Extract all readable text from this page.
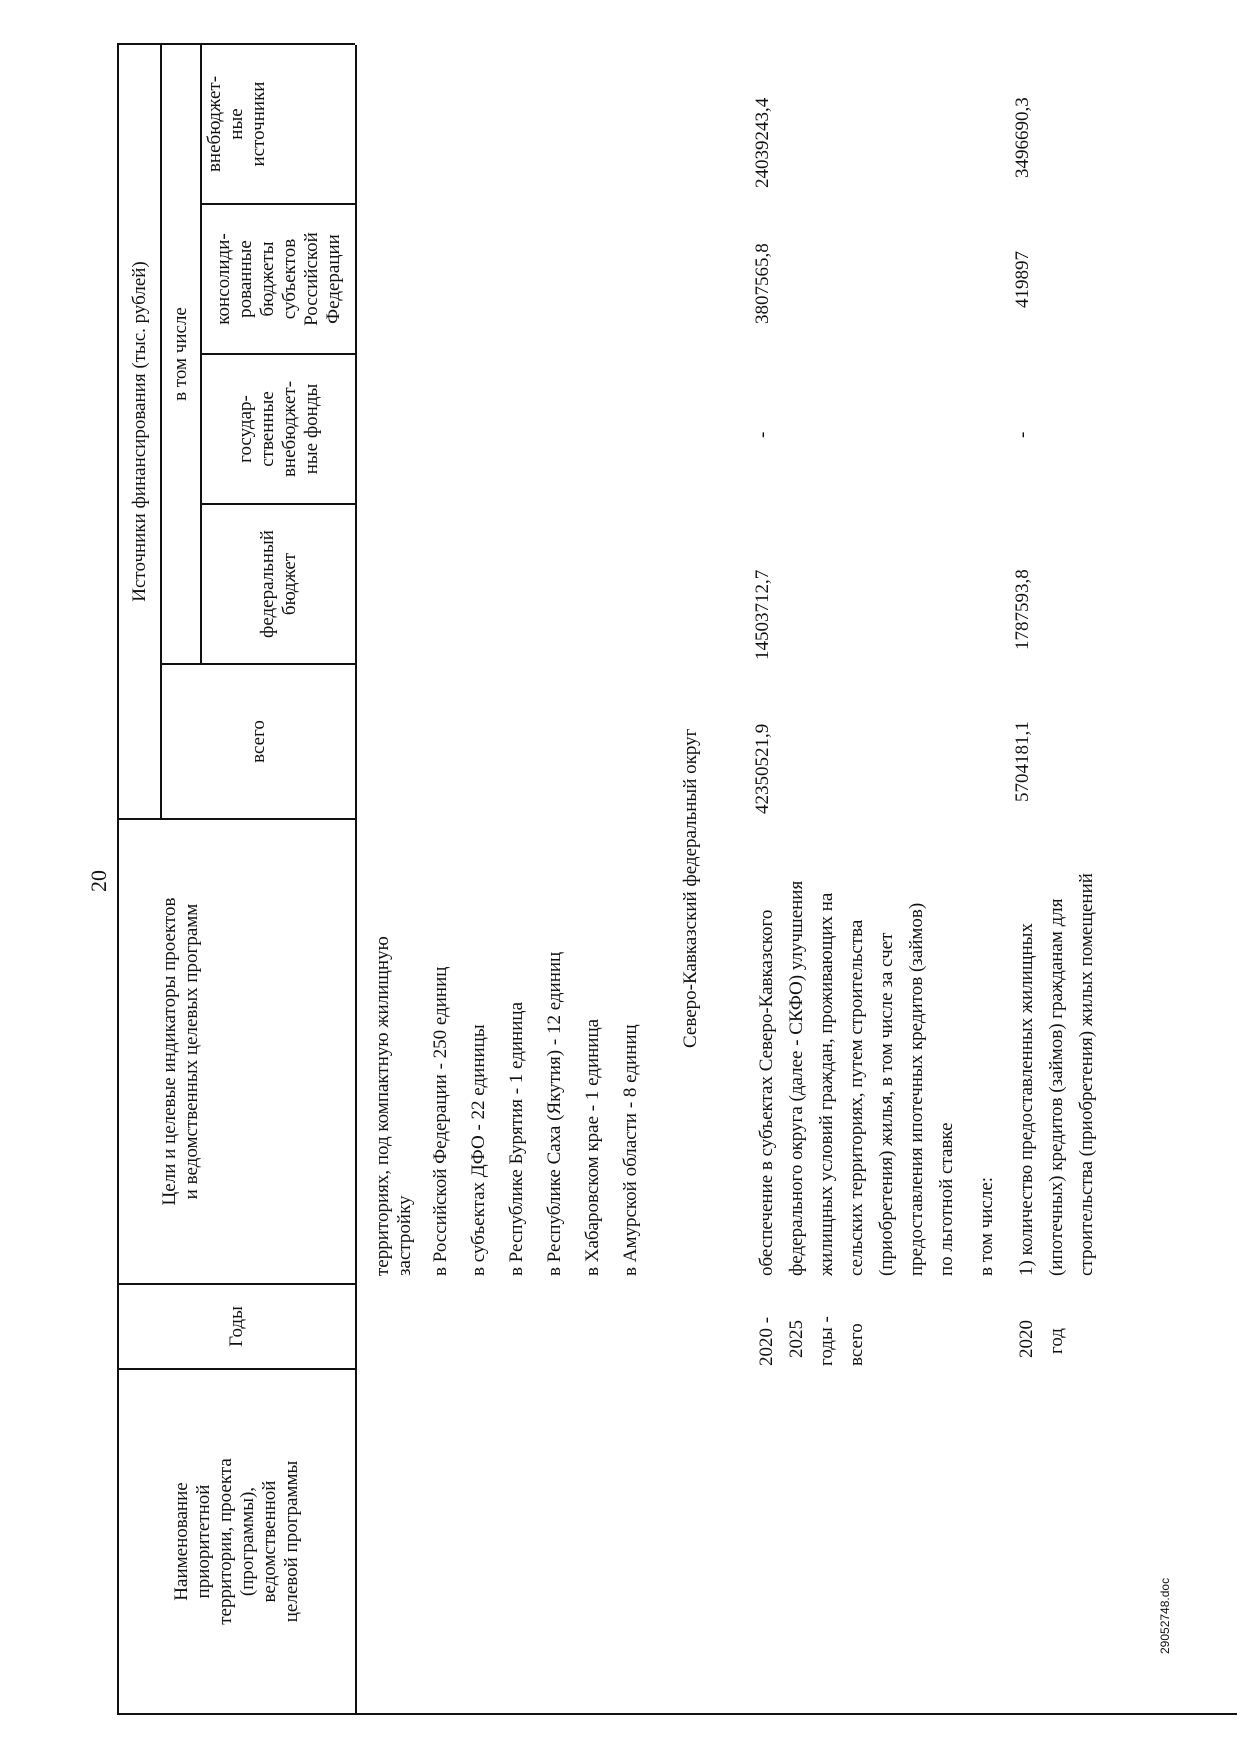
20
Наименование приоритетной территории, проекта (программы), ведомственной целевой программы
Годы
Цели и целевые индикаторы проектов и ведомственных целевых программ
Источники финансирования (тыс. рублей)
всего
в том числе
федеральный бюджет
государ- ственные внебюджет- ные фонды
консолиди- рованные бюджеты субъектов Российской Федерации
внебюджет- ные источники
территориях, под компактную жилищную застройку в Российской Федерации - 250 единиц в субъектах ДФО - 22 единицы в Республике Бурятия - 1 единица в Республике Саха (Якутия) - 12 единиц в Хабаровском крае - 1 единица в Амурской области - 8 единиц
Северо-Кавказский федеральный округ
2020 - 2025 годы - всего
обеспечение в субъектах Северо-Кавказского федерального округа (далее - СКФО) улучшения жилищных условий граждан, проживающих на сельских территориях, путем строительства (приобретения) жилья, в том числе за счет предоставления ипотечных кредитов (займов) по льготной ставке в том числе:
42350521,9
14503712,7
-
3807565,8
24039243,4
2020 год
1) количество предоставленных жилищных (ипотечных) кредитов (займов) гражданам для строительства (приобретения) жилых помещений
5704181,1
1787593,8
-
419897
3496690,3
29052748.doc
